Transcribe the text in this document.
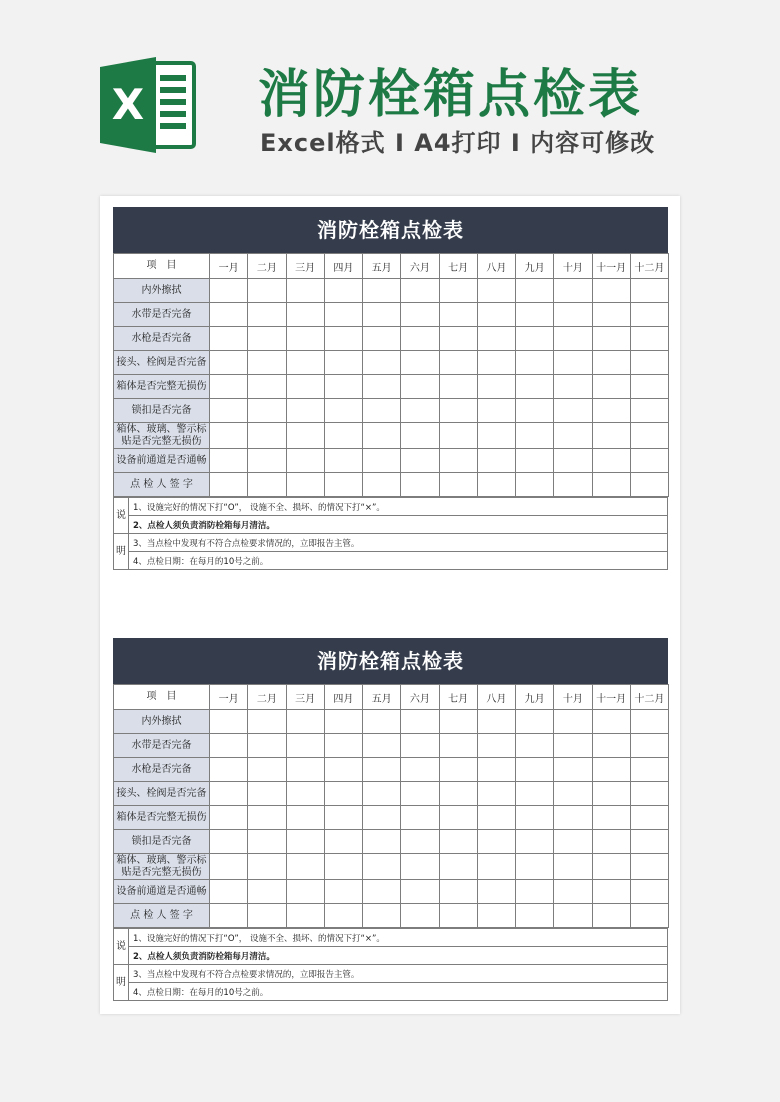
X 消防栓箱点检表
Excel格式 I A4打印 I 内容可修改
消防栓箱点检表
项　目	一月	二月	三月	四月	五月	六月	七月	八月	九月	十月	十一月	十二月
内外擦拭												
水带是否完备												
水枪是否完备												
接头、栓阀是否完备												
箱体是否完整无损伤												
锁扣是否完备												
箱体、玻璃、警示标贴是否完整无损伤												
设备前通道是否通畅												
点 检 人 签 字												
说	1、设施完好的情况下打“O”， 设施不全、损坏、的情况下打“×”。
	2、点检人须负责消防栓箱每月清洁。
明	3、当点检中发现有不符合点检要求情况的，立即报告主管。
	4、点检日期：在每月的10号之前。
消防栓箱点检表
项　目	一月	二月	三月	四月	五月	六月	七月	八月	九月	十月	十一月	十二月
内外擦拭												
水带是否完备												
水枪是否完备												
接头、栓阀是否完备												
箱体是否完整无损伤												
锁扣是否完备												
箱体、玻璃、警示标贴是否完整无损伤												
设备前通道是否通畅												
点 检 人 签 字												
说	1、设施完好的情况下打“O”， 设施不全、损坏、的情况下打“×”。
	2、点检人须负责消防栓箱每月清洁。
明	3、当点检中发现有不符合点检要求情况的，立即报告主管。
	4、点检日期：在每月的10号之前。
